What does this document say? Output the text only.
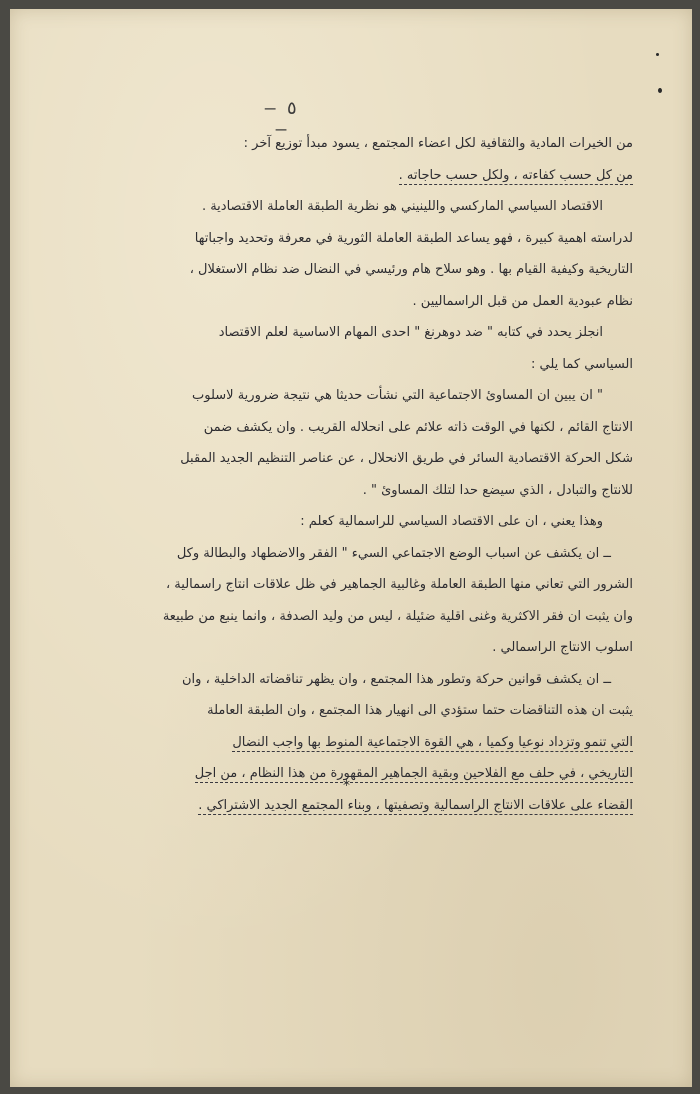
— ٥ —
من الخيرات المادية والثقافية لكل اعضاء المجتمع ، يسود مبدأ توزيع آخر :
من كل حسب كفاءته ، ولكل حسب حاجاته .
الاقتصاد السياسي الماركسي واللينيني هو نظرية الطبقة العاملة الاقتصادية .
لدراسته اهمية كبيرة ، فهو يساعد الطبقة العاملة الثورية في معرفة وتحديد واجباتها
التاريخية وكيفية القيام بها . وهو سلاح هام ورئيسي في النضال ضد نظام الاستغلال ،
نظام عبودية العمل من قبل الراسماليين .
انجلز يحدد في كتابه " ضد دوهرنغ " احدى المهام الاساسية لعلم الاقتصاد
السياسي كما يلي :
" ان يبين ان المساوئ الاجتماعية التي نشأت حديثا هي نتيجة ضرورية لاسلوب
الانتاج القائم ، لكنها في الوقت ذاته علائم على انحلاله القريب . وان يكشف ضمن
شكل الحركة الاقتصادية السائر في طريق الانحلال ، عن عناصر التنظيم الجديد المقبل
للانتاج والتبادل ، الذي سيضع حدا لتلك المساوئ " .
وهذا يعني ، ان على الاقتصاد السياسي للراسمالية كعلم :
ــ ان يكشف عن اسباب الوضع الاجتماعي السيء " الفقر والاضطهاد والبطالة وكل
الشرور التي تعاني منها الطبقة العاملة وغالبية الجماهير في ظل علاقات انتاج راسمالية ،
وان يثبت ان فقر الاكثرية وغنى اقلية ضئيلة ، ليس من وليد الصدفة ، وانما ينبع من طبيعة
اسلوب الانتاج الراسمالي .
ــ ان يكشف قوانين حركة وتطور هذا المجتمع ، وان يظهر تناقضاته الداخلية ، وان
يثبت ان هذه التناقضات حتما ستؤدي الى انهيار هذا المجتمع ، وان الطبقة العاملة
التي تنمو وتزداد نوعيا وكميا ، هي القوة الاجتماعية المنوط بها واجب النضال
التاريخي ، في حلف مع الفلاحين وبقية الجماهير المقهورة من هذا النظام ، من اجل
القضاء على علاقات الانتاج الراسمالية وتصفيتها ، وبناء المجتمع الجديد الاشتراكي .
*
